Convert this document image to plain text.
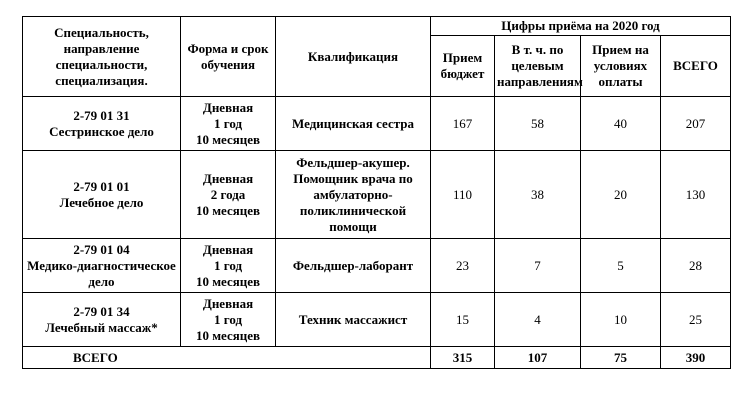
Специальность, направление специальности, специализация.	Форма и срок обучения	Квалификация	Цифры приёма на 2020 год			
			Прием бюджет	В т. ч. по целевым направлениям	Прием на условиях оплаты	ВСЕГО

2-79 01 31
Сестринское дело	Дневная
1 год
10 месяцев	Медицинская сестра	167	58	40	207

2-79 01 01
Лечебное дело	Дневная
2 года
10 месяцев	Фельдшер-акушер. Помощник врача по амбулаторно-поликлинической помощи	110	38	20	130

2-79 01 04
Медико-диагностическое дело	Дневная
1 год
10 месяцев	Фельдшер-лаборант	23	7	5	28

2-79 01 34
Лечебный массаж*	Дневная
1 год
10 месяцев	Техник массажист	15	4	10	25
ВСЕГО			315	107	75	390
